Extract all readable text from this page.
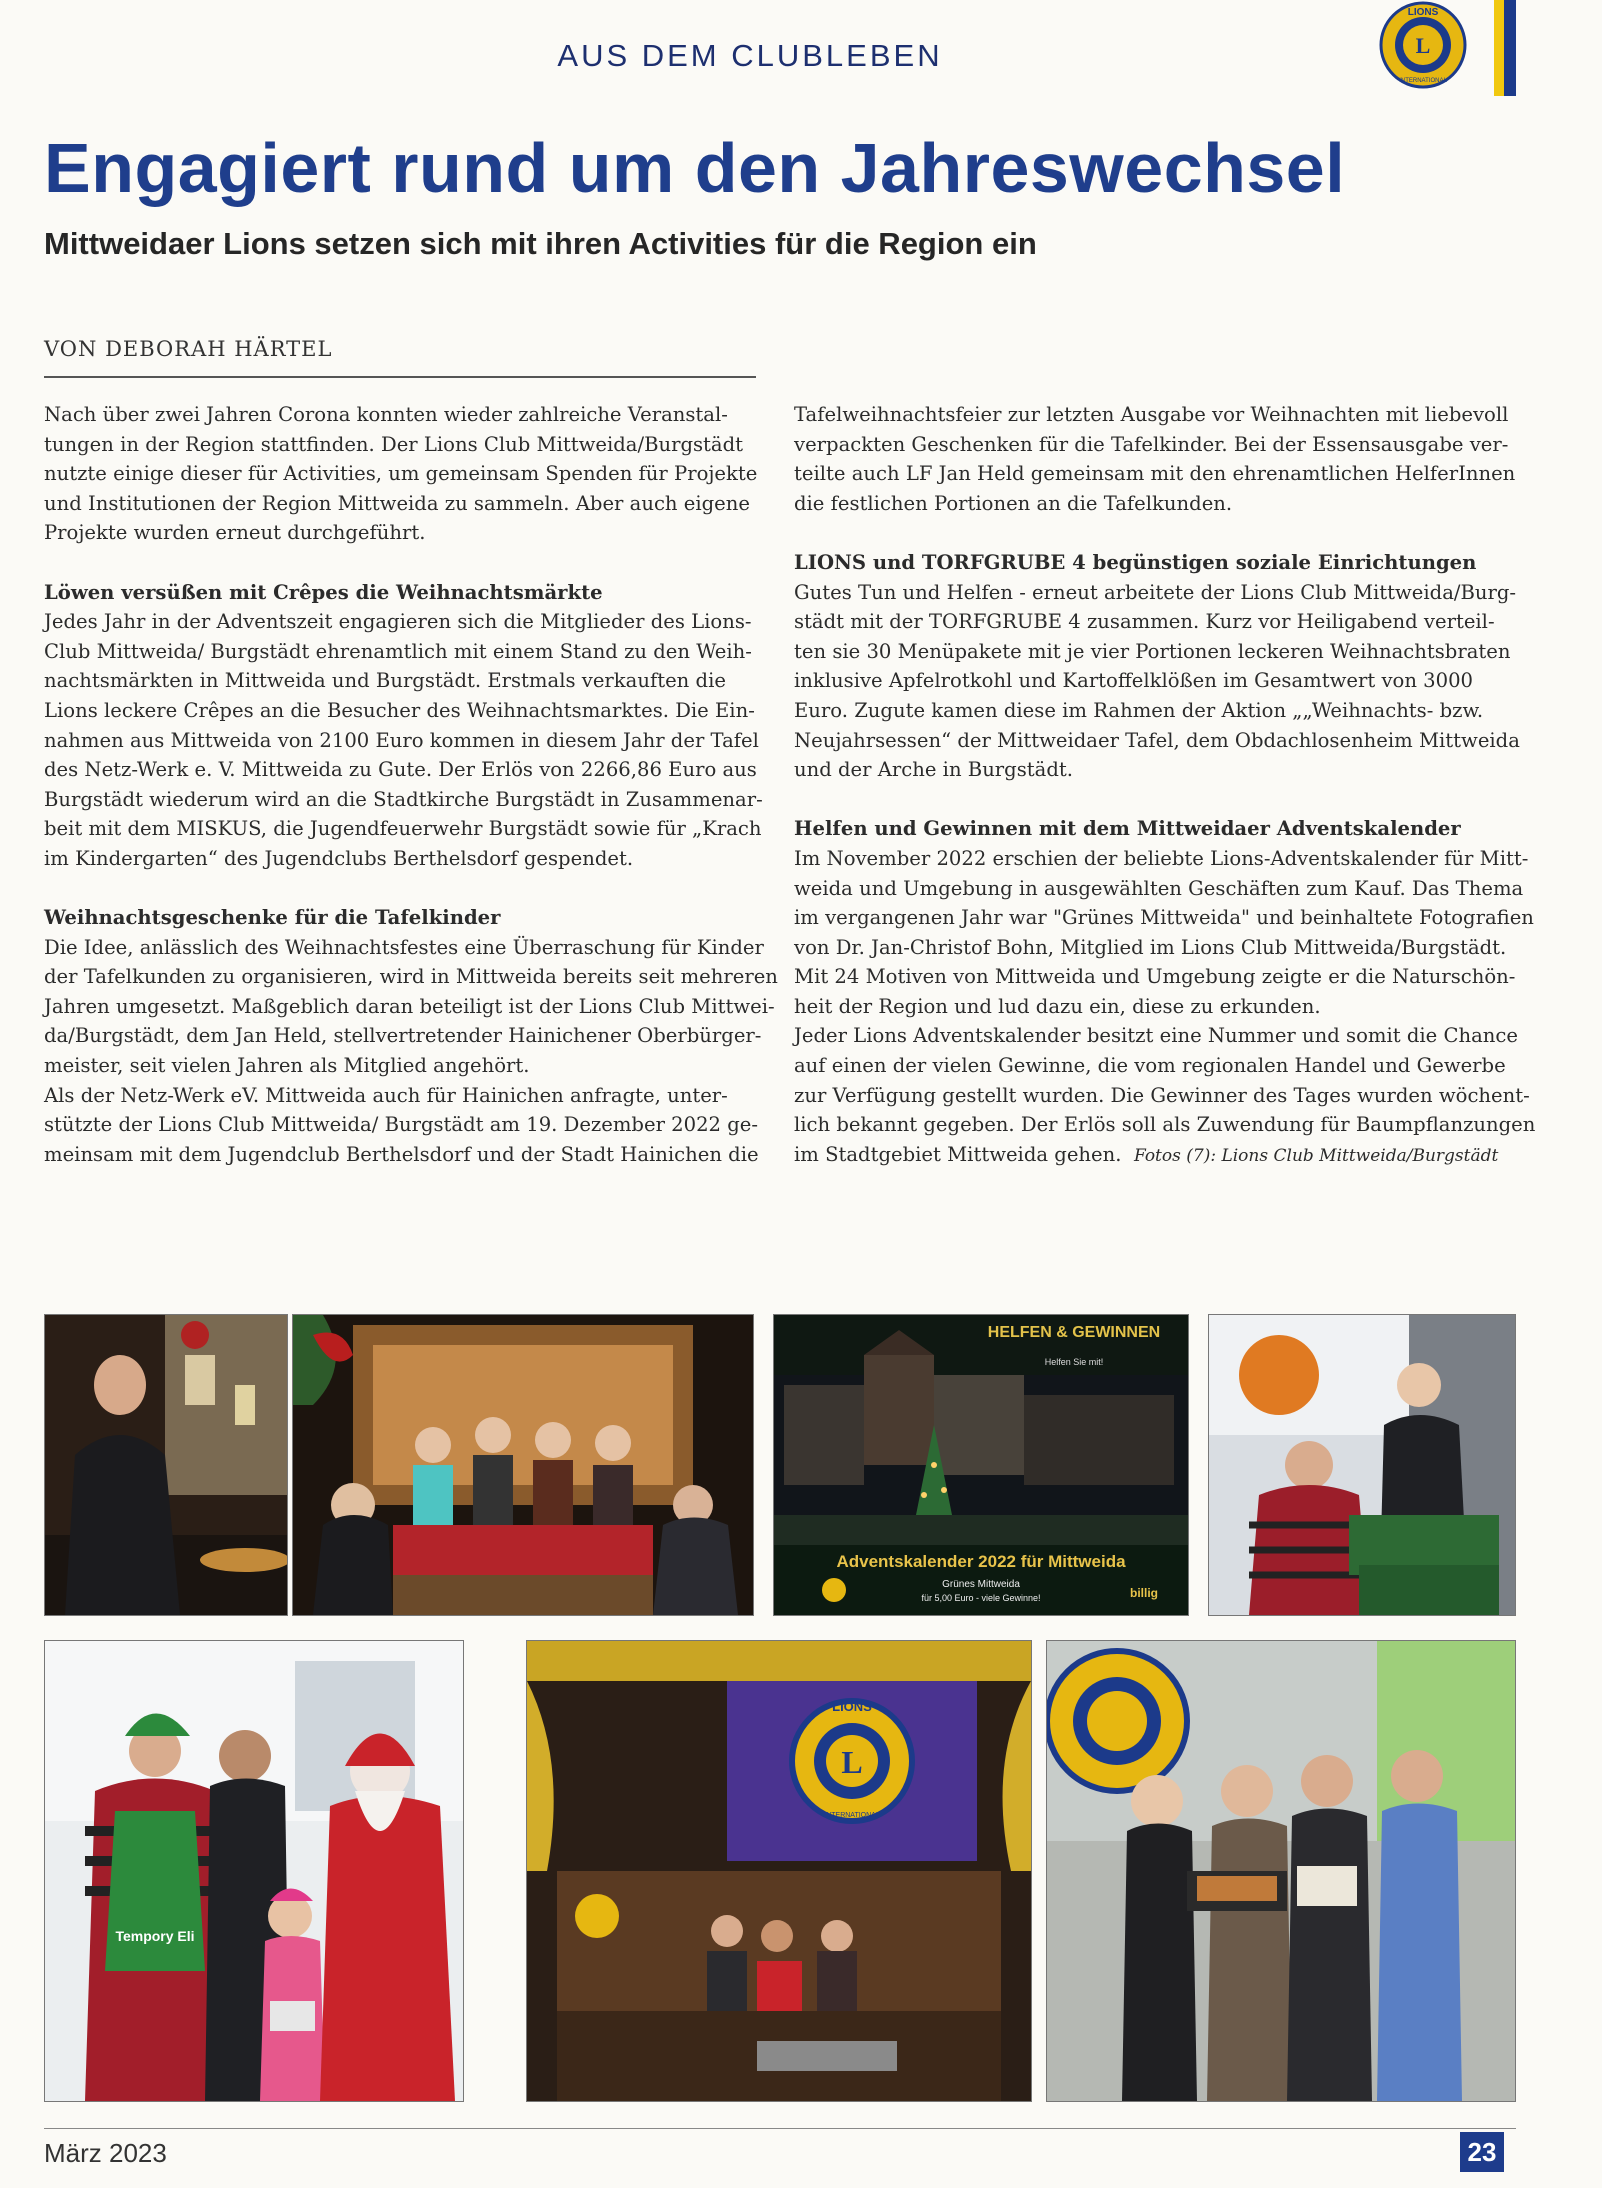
AUS DEM CLUBLEBEN	L
LIONS
INTERNATIONAL
Engagiert rund um den Jahreswechsel
Mittweidaer Lions setzen sich mit ihren Activities für die Region ein
VON DEBORAH HÄRTEL

Nach über zwei Jahren Corona konnten wieder zahlreiche Veranstal-

tungen in der Region stattfinden. Der Lions Club Mittweida/Burgstädt

nutzte einige dieser für Activities, um gemeinsam Spenden für Projekte

und Institutionen der Region Mittweida zu sammeln. Aber auch eigene

Projekte wurden erneut durchgeführt.

Löwen versüßen mit Crêpes die Weihnachtsmärkte

Jedes Jahr in der Adventszeit engagieren sich die Mitglieder des Lions-

Club Mittweida/ Burgstädt ehrenamtlich mit einem Stand zu den Weih-

nachtsmärkten in Mittweida und Burgstädt. Erstmals verkauften die

Lions leckere Crêpes an die Besucher des Weihnachtsmarktes. Die Ein-

nahmen aus Mittweida von 2100 Euro kommen in diesem Jahr der Tafel

des Netz-Werk e. V. Mittweida zu Gute. Der Erlös von 2266,86 Euro aus

Burgstädt wiederum wird an die Stadtkirche Burgstädt in Zusammenar-

beit mit dem MISKUS, die Jugendfeuerwehr Burgstädt sowie für „Krach

im Kindergarten“ des Jugendclubs Berthelsdorf gespendet.

Weihnachtsgeschenke für die Tafelkinder

Die Idee, anlässlich des Weihnachtsfestes eine Überraschung für Kinder

der Tafelkunden zu organisieren, wird in Mittweida bereits seit mehreren

Jahren umgesetzt. Maßgeblich daran beteiligt ist der Lions Club Mittwei-

da/Burgstädt, dem Jan Held, stellvertretender Hainichener Oberbürger-

meister, seit vielen Jahren als Mitglied angehört.

Als der Netz-Werk eV. Mittweida auch für Hainichen anfragte, unter-

stützte der Lions Club Mittweida/ Burgstädt am 19. Dezember 2022 ge-

meinsam mit dem Jugendclub Berthelsdorf und der Stadt Hainichen die

Tafelweihnachtsfeier zur letzten Ausgabe vor Weihnachten mit liebevoll

verpackten Geschenken für die Tafelkinder. Bei der Essensausgabe ver-

teilte auch LF Jan Held gemeinsam mit den ehrenamtlichen HelferInnen

die festlichen Portionen an die Tafelkunden.

LIONS und TORFGRUBE 4 begünstigen soziale Einrichtungen

Gutes Tun und Helfen - erneut arbeitete der Lions Club Mittweida/Burg-

städt mit der TORFGRUBE 4 zusammen. Kurz vor Heiligabend verteil-

ten sie 30 Menüpakete mit je vier Portionen leckeren Weihnachtsbraten

inklusive Apfelrotkohl und Kartoffelklößen im Gesamtwert von 3000

Euro. Zugute kamen diese im Rahmen der Aktion „„Weihnachts- bzw.

Neujahrsessen“ der Mittweidaer Tafel, dem Obdachlosenheim Mittweida

und der Arche in Burgstädt.

Helfen und Gewinnen mit dem Mittweidaer Adventskalender

Im November 2022 erschien der beliebte Lions-Adventskalender für Mitt-

weida und Umgebung in ausgewählten Geschäften zum Kauf. Das Thema

im vergangenen Jahr war "Grünes Mittweida" und beinhaltete Fotografien

von Dr. Jan-Christof Bohn, Mitglied im Lions Club Mittweida/Burgstädt.

Mit 24 Motiven von Mittweida und Umgebung zeigte er die Naturschön-

heit der Region und lud dazu ein, diese zu erkunden.

Jeder Lions Adventskalender besitzt eine Nummer und somit die Chance

auf einen der vielen Gewinne, die vom regionalen Handel und Gewerbe

zur Verfügung gestellt wurden. Die Gewinner des Tages wurden wöchent-

lich bekannt gegeben. Der Erlös soll als Zuwendung für Baumpflanzungen

im Stadtgebiet Mittweida gehen. Fotos (7): Lions Club Mittweida/Burgstädt

HELFEN & GEWINNEN
Helfen Sie mit!
Adventskalender 2022 für Mittweida
Grünes Mittweida
für 5,00 Euro - viele Gewinne!	billig
Tempory Eli
L
LIONS
INTERNATIONAL
März 2023	23
